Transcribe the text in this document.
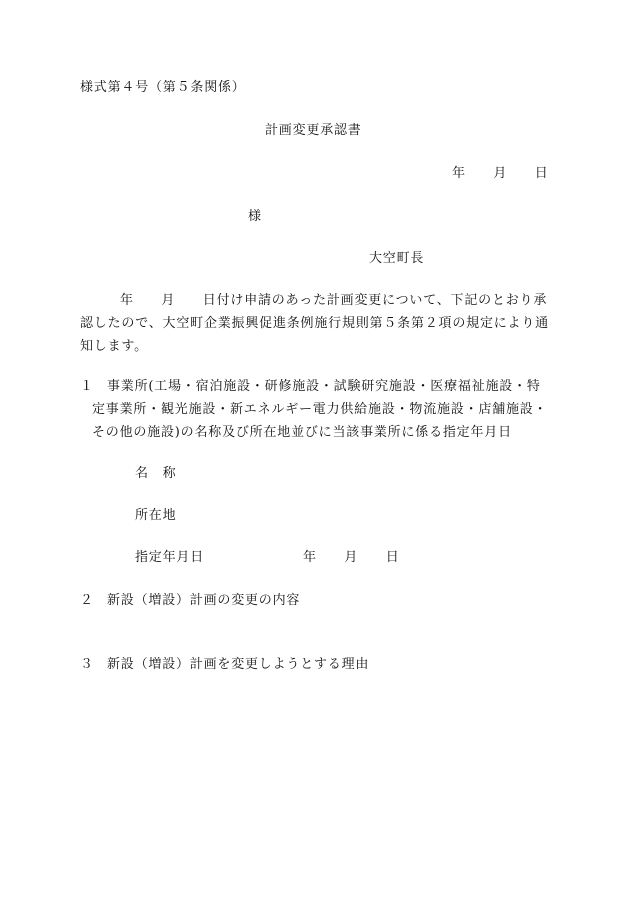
様式第４号（第５条関係）
計画変更承認書
年　　月　　日
様
大空町長
年　　月　　日付け申請のあった計画変更について、下記のとおり承
認したので、大空町企業振興促進条例施行規則第５条第２項の規定により通
知します。
１ 事業所(工場・宿泊施設・研修施設・試験研究施設・医療福祉施設・特
定事業所・観光施設・新エネルギー電力供給施設・物流施設・店舗施設・
その他の施設)の名称及び所在地並びに当該事業所に係る指定年月日
名　称
所在地
指定年月日	年　　月　　日
２ 新設（増設）計画の変更の内容
３ 新設（増設）計画を変更しようとする理由
